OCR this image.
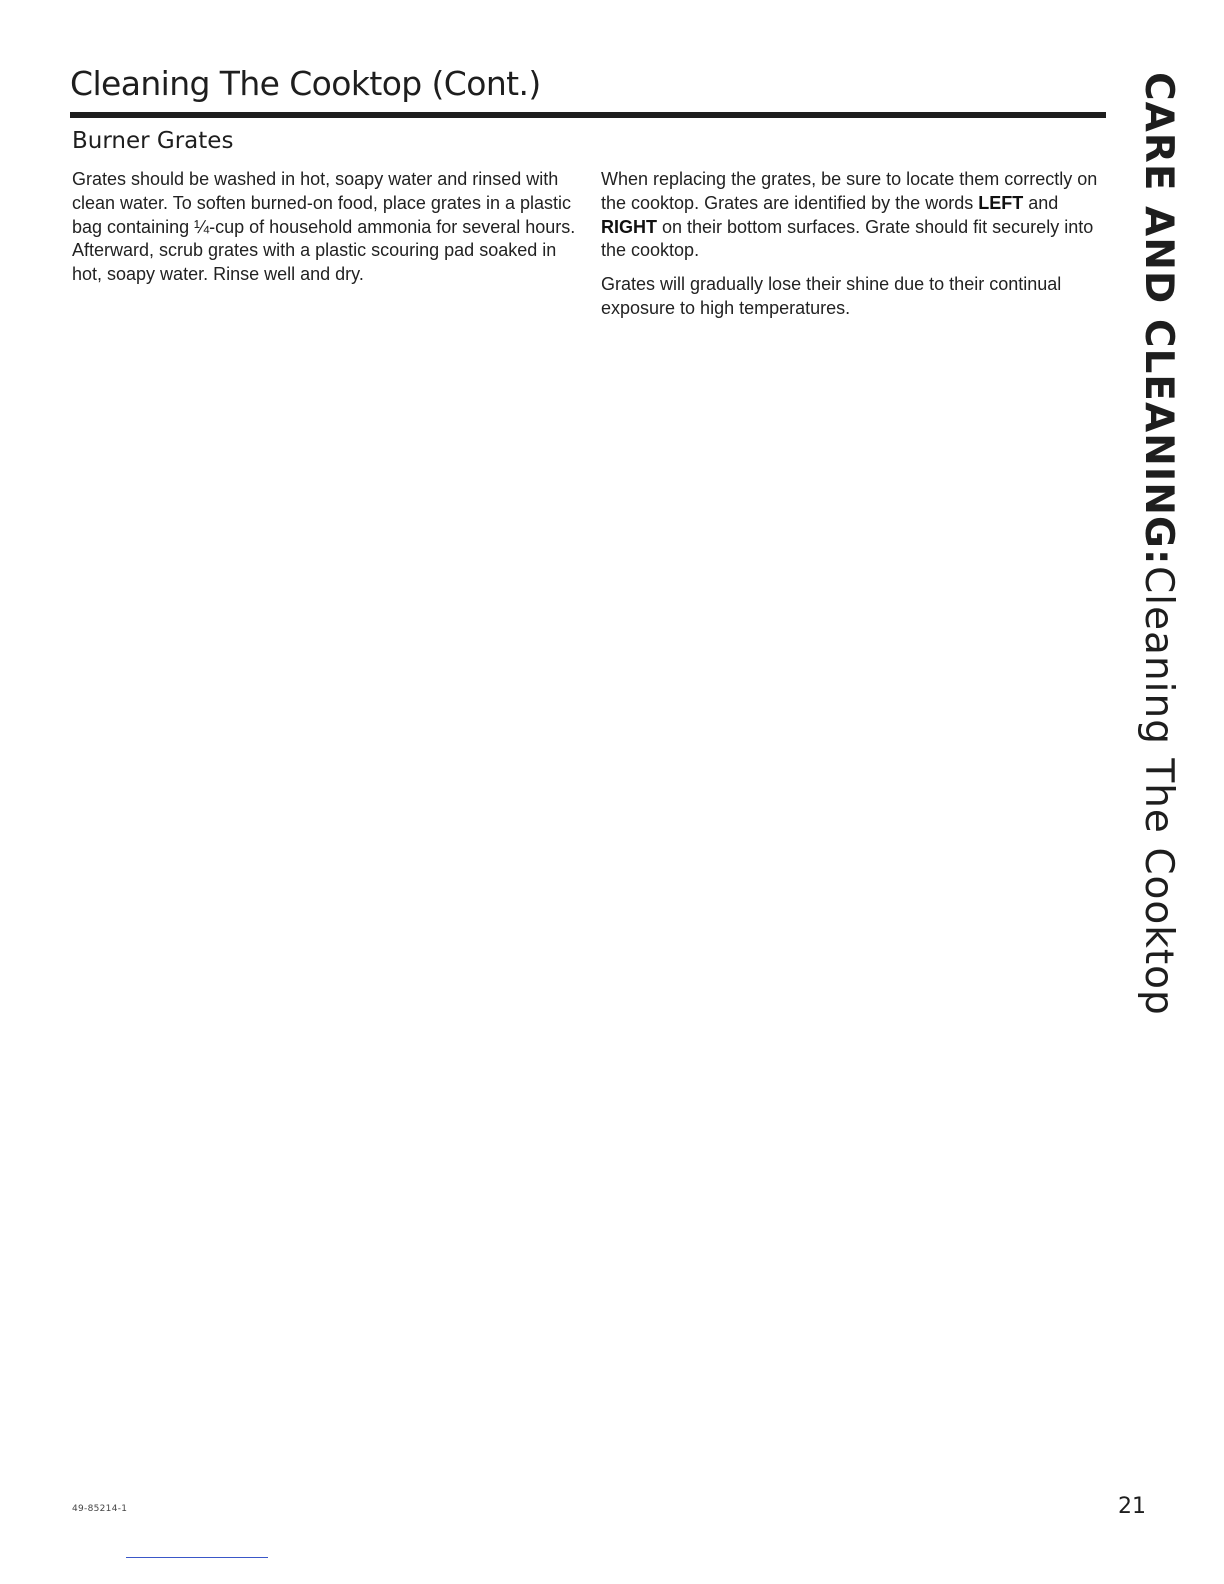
Cleaning The Cooktop (Cont.)
Burner Grates

Grates should be washed in hot, soapy water and rinsed with clean water. To soften burned-on food, place grates in a plastic bag containing ¼-cup of household ammonia for several hours. Afterward, scrub grates with a plastic scouring pad soaked in hot, soapy water. Rinse well and dry.

When replacing the grates, be sure to locate them correctly on the cooktop. Grates are identified by the words LEFT and RIGHT on their bottom surfaces. Grate should fit securely into the cooktop.

Grates will gradually lose their shine due to their continual exposure to high temperatures.	CARE AND CLEANING:Cleaning The Cooktop
49-85214-1	21
